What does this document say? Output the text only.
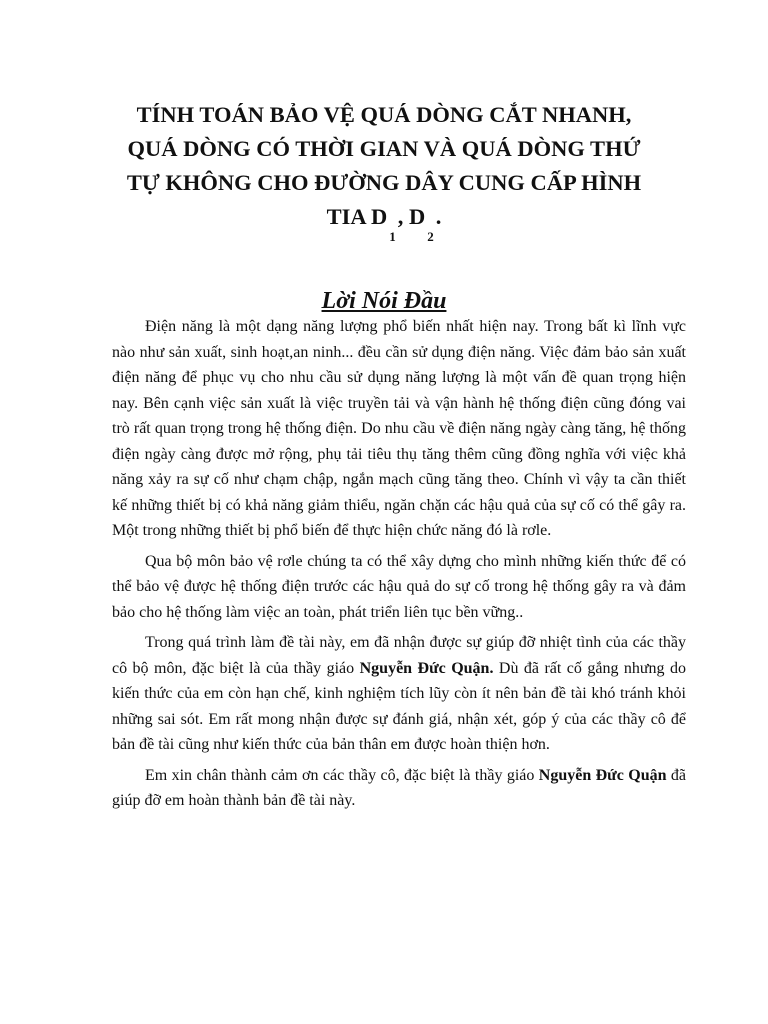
TÍNH TOÁN BẢO VỆ QUÁ DÒNG CẮT NHANH,
QUÁ DÒNG CÓ THỜI GIAN VÀ QUÁ DÒNG THỨ
TỰ KHÔNG CHO ĐƯỜNG DÂY CUNG CẤP HÌNH
TIA $D_1$, $D_2$.
Lời Nói Đầu

Điện năng là một dạng năng lượng phổ biến nhất hiện nay. Trong bất kì lĩnh vực nào như sản xuất, sinh hoạt,an ninh... đều cần sử dụng điện năng. Việc đảm bảo sản xuất điện năng để phục vụ cho nhu cầu sử dụng năng lượng là một vấn đề quan trọng hiện nay. Bên cạnh việc sản xuất là việc truyền tải và vận hành hệ thống điện cũng đóng vai trò rất quan trọng trong hệ thống điện. Do nhu cầu về điện năng ngày càng tăng, hệ thống điện ngày càng được mở rộng, phụ tải tiêu thụ tăng thêm cũng đồng nghĩa với việc khả năng xảy ra sự cố như chạm chập, ngắn mạch cũng tăng theo. Chính vì vậy ta cần thiết kế những thiết bị có khả năng giảm thiểu, ngăn chặn các hậu quả của sự cố có thể gây ra. Một trong những thiết bị phổ biến để thực hiện chức năng đó là rơle.

Qua bộ môn bảo vệ rơle chúng ta có thể xây dựng cho mình những kiến thức để có thể bảo vệ được hệ thống điện trước các hậu quả do sự cố trong hệ thống gây ra và đảm bảo cho hệ thống làm việc an toàn, phát triển liên tục bền vững..

Trong quá trình làm đề tài này, em đã nhận được sự giúp đỡ nhiệt tình của các thầy cô bộ môn, đặc biệt là của thầy giáo Nguyễn Đức Quận. Dù đã rất cố gắng nhưng do kiến thức của em còn hạn chế, kinh nghiệm tích lũy còn ít nên bản đề tài khó tránh khỏi những sai sót. Em rất mong nhận được sự đánh giá, nhận xét, góp ý của các thầy cô để bản đề tài cũng như kiến thức của bản thân em được hoàn thiện hơn.

Em xin chân thành cảm ơn các thầy cô, đặc biệt là thầy giáo Nguyễn Đức Quận đã giúp đỡ em hoàn thành bản đề tài này.
